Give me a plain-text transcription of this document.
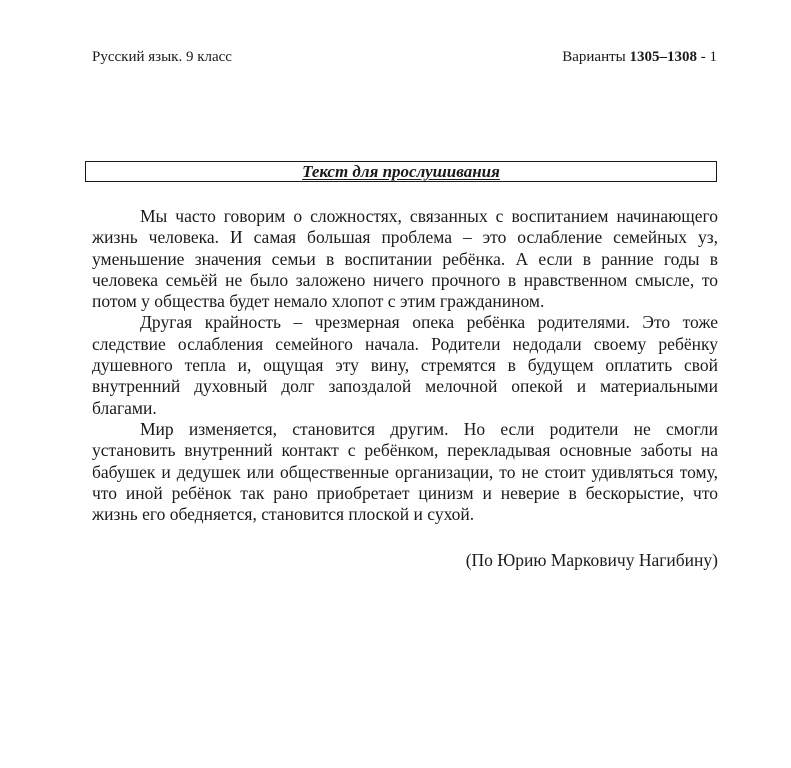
Русский язык. 9 класс	Варианты 1305–1308 - 1
Текст для прослушивания

Мы часто говорим о сложностях, связанных с воспитанием начинающего жизнь человека. И самая большая проблема – это ослабление семейных уз, уменьшение значения семьи в воспитании ребёнка. А если в ранние годы в человека семьёй не было заложено ничего прочного в нравственном смысле, то потом у общества будет немало хлопот с этим гражданином.

Другая крайность – чрезмерная опека ребёнка родителями. Это тоже следствие ослабления семейного начала. Родители недодали своему ребёнку душевного тепла и, ощущая эту вину, стремятся в будущем оплатить свой внутренний духовный долг запоздалой мелочной опекой и материальными благами.

Мир изменяется, становится другим. Но если родители не смогли установить внутренний контакт с ребёнком, перекладывая основные заботы на бабушек и дедушек или общественные организации, то не стоит удивляться тому, что иной ребёнок так рано приобретает цинизм и неверие в бескорыстие, что жизнь его обедняется, становится плоской и сухой.

(По Юрию Марковичу Нагибину)
